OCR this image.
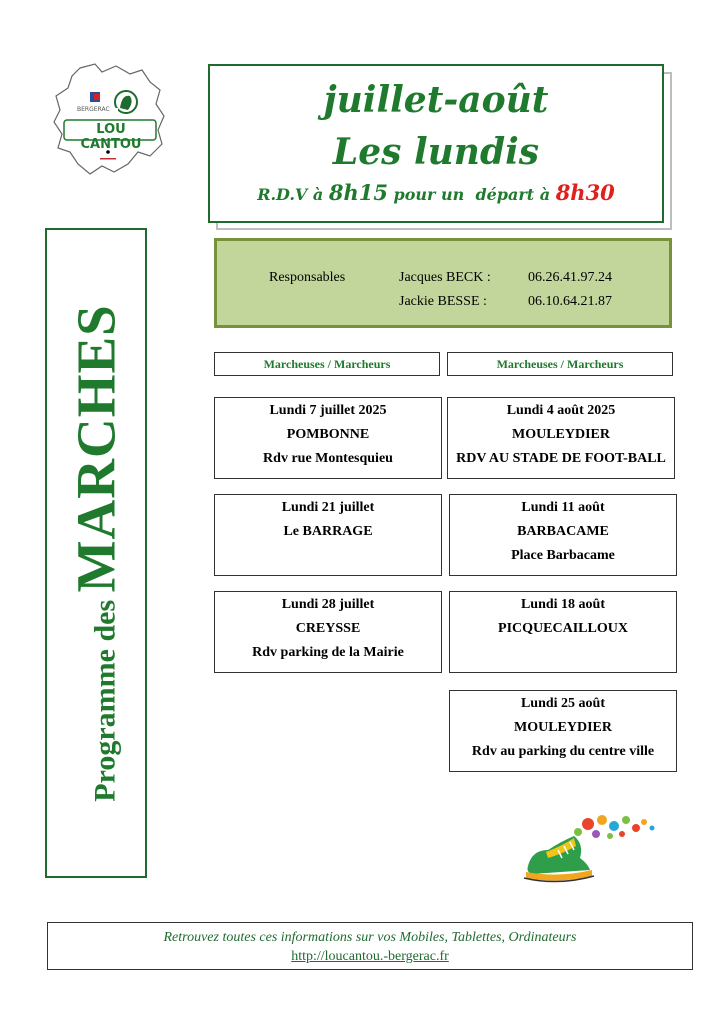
BERGERAC
LOU CANTOU
juillet-août
Les lundis
R.D.V à 8h15 pour un  départ à 8h30
Programme des MARCHES
Responsables	Jacques BECK :	06.26.41.97.24
Jackie BESSE :	06.10.64.21.87
Marcheuses / Marcheurs	Marcheuses / Marcheurs
Lundi 7 juillet 2025
POMBONNE
Rdv rue Montesquieu
Lundi 21 juillet
Le BARRAGE
Lundi 28 juillet
CREYSSE
Rdv parking de la Mairie
Lundi 4 août 2025
MOULEYDIER
RDV AU STADE DE FOOT-BALL
Lundi 11 août
BARBACAME
Place Barbacame
Lundi 18 août
PICQUECAILLOUX
Lundi 25 août
MOULEYDIER
Rdv au parking du centre ville
Retrouvez toutes ces informations sur vos Mobiles, Tablettes, Ordinateurs
http://loucantou.-bergerac.fr
